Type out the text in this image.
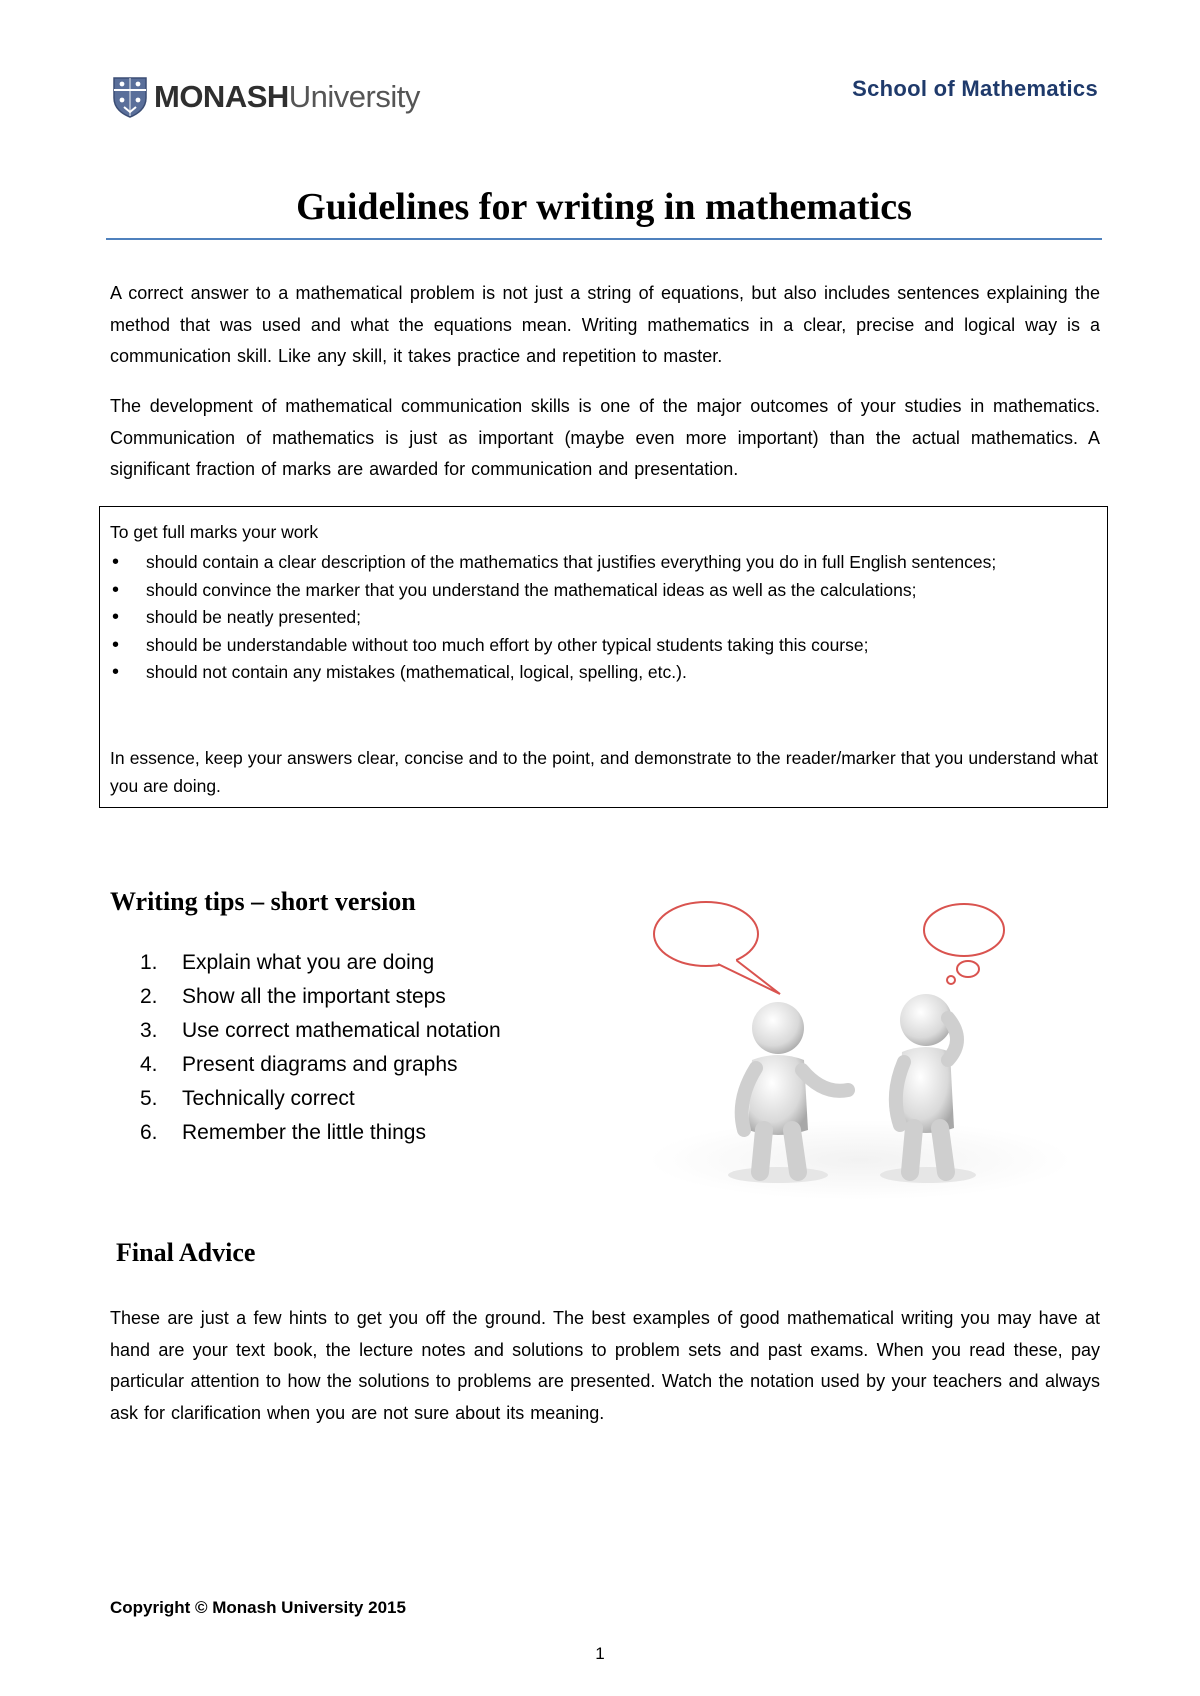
MONASHUniversity	School of Mathematics
Guidelines for writing in mathematics
A correct answer to a mathematical problem is not just a string of equations, but also includes sentences explaining the method that was used and what the equations mean. Writing mathematics in a clear, precise and logical way is a communication skill. Like any skill, it takes practice and repetition to master.
The development of mathematical communication skills is one of the major outcomes of your studies in mathematics. Communication of mathematics is just as important (maybe even more important) than the actual mathematics. A significant fraction of marks are awarded for communication and presentation.
To get full marks your work
• should contain a clear description of the mathematics that justifies everything you do in full English sentences;
• should convince the marker that you understand the mathematical ideas as well as the calculations;
• should be neatly presented;
• should be understandable without too much effort by other typical students taking this course;
• should not contain any mistakes (mathematical, logical, spelling, etc.).
In essence, keep your answers clear, concise and to the point, and demonstrate to the reader/marker that you understand what you are doing.
Writing tips – short version
1. Explain what you are doing
2. Show all the important steps
3. Use correct mathematical notation
4. Present diagrams and graphs
5. Technically correct
6. Remember the little things
Final Advice
These are just a few hints to get you off the ground. The best examples of good mathematical writing you may have at hand are your text book, the lecture notes and solutions to problem sets and past exams. When you read these, pay particular attention to how the solutions to problems are presented. Watch the notation used by your teachers and always ask for clarification when you are not sure about its meaning.
Copyright © Monash University 2015
1
